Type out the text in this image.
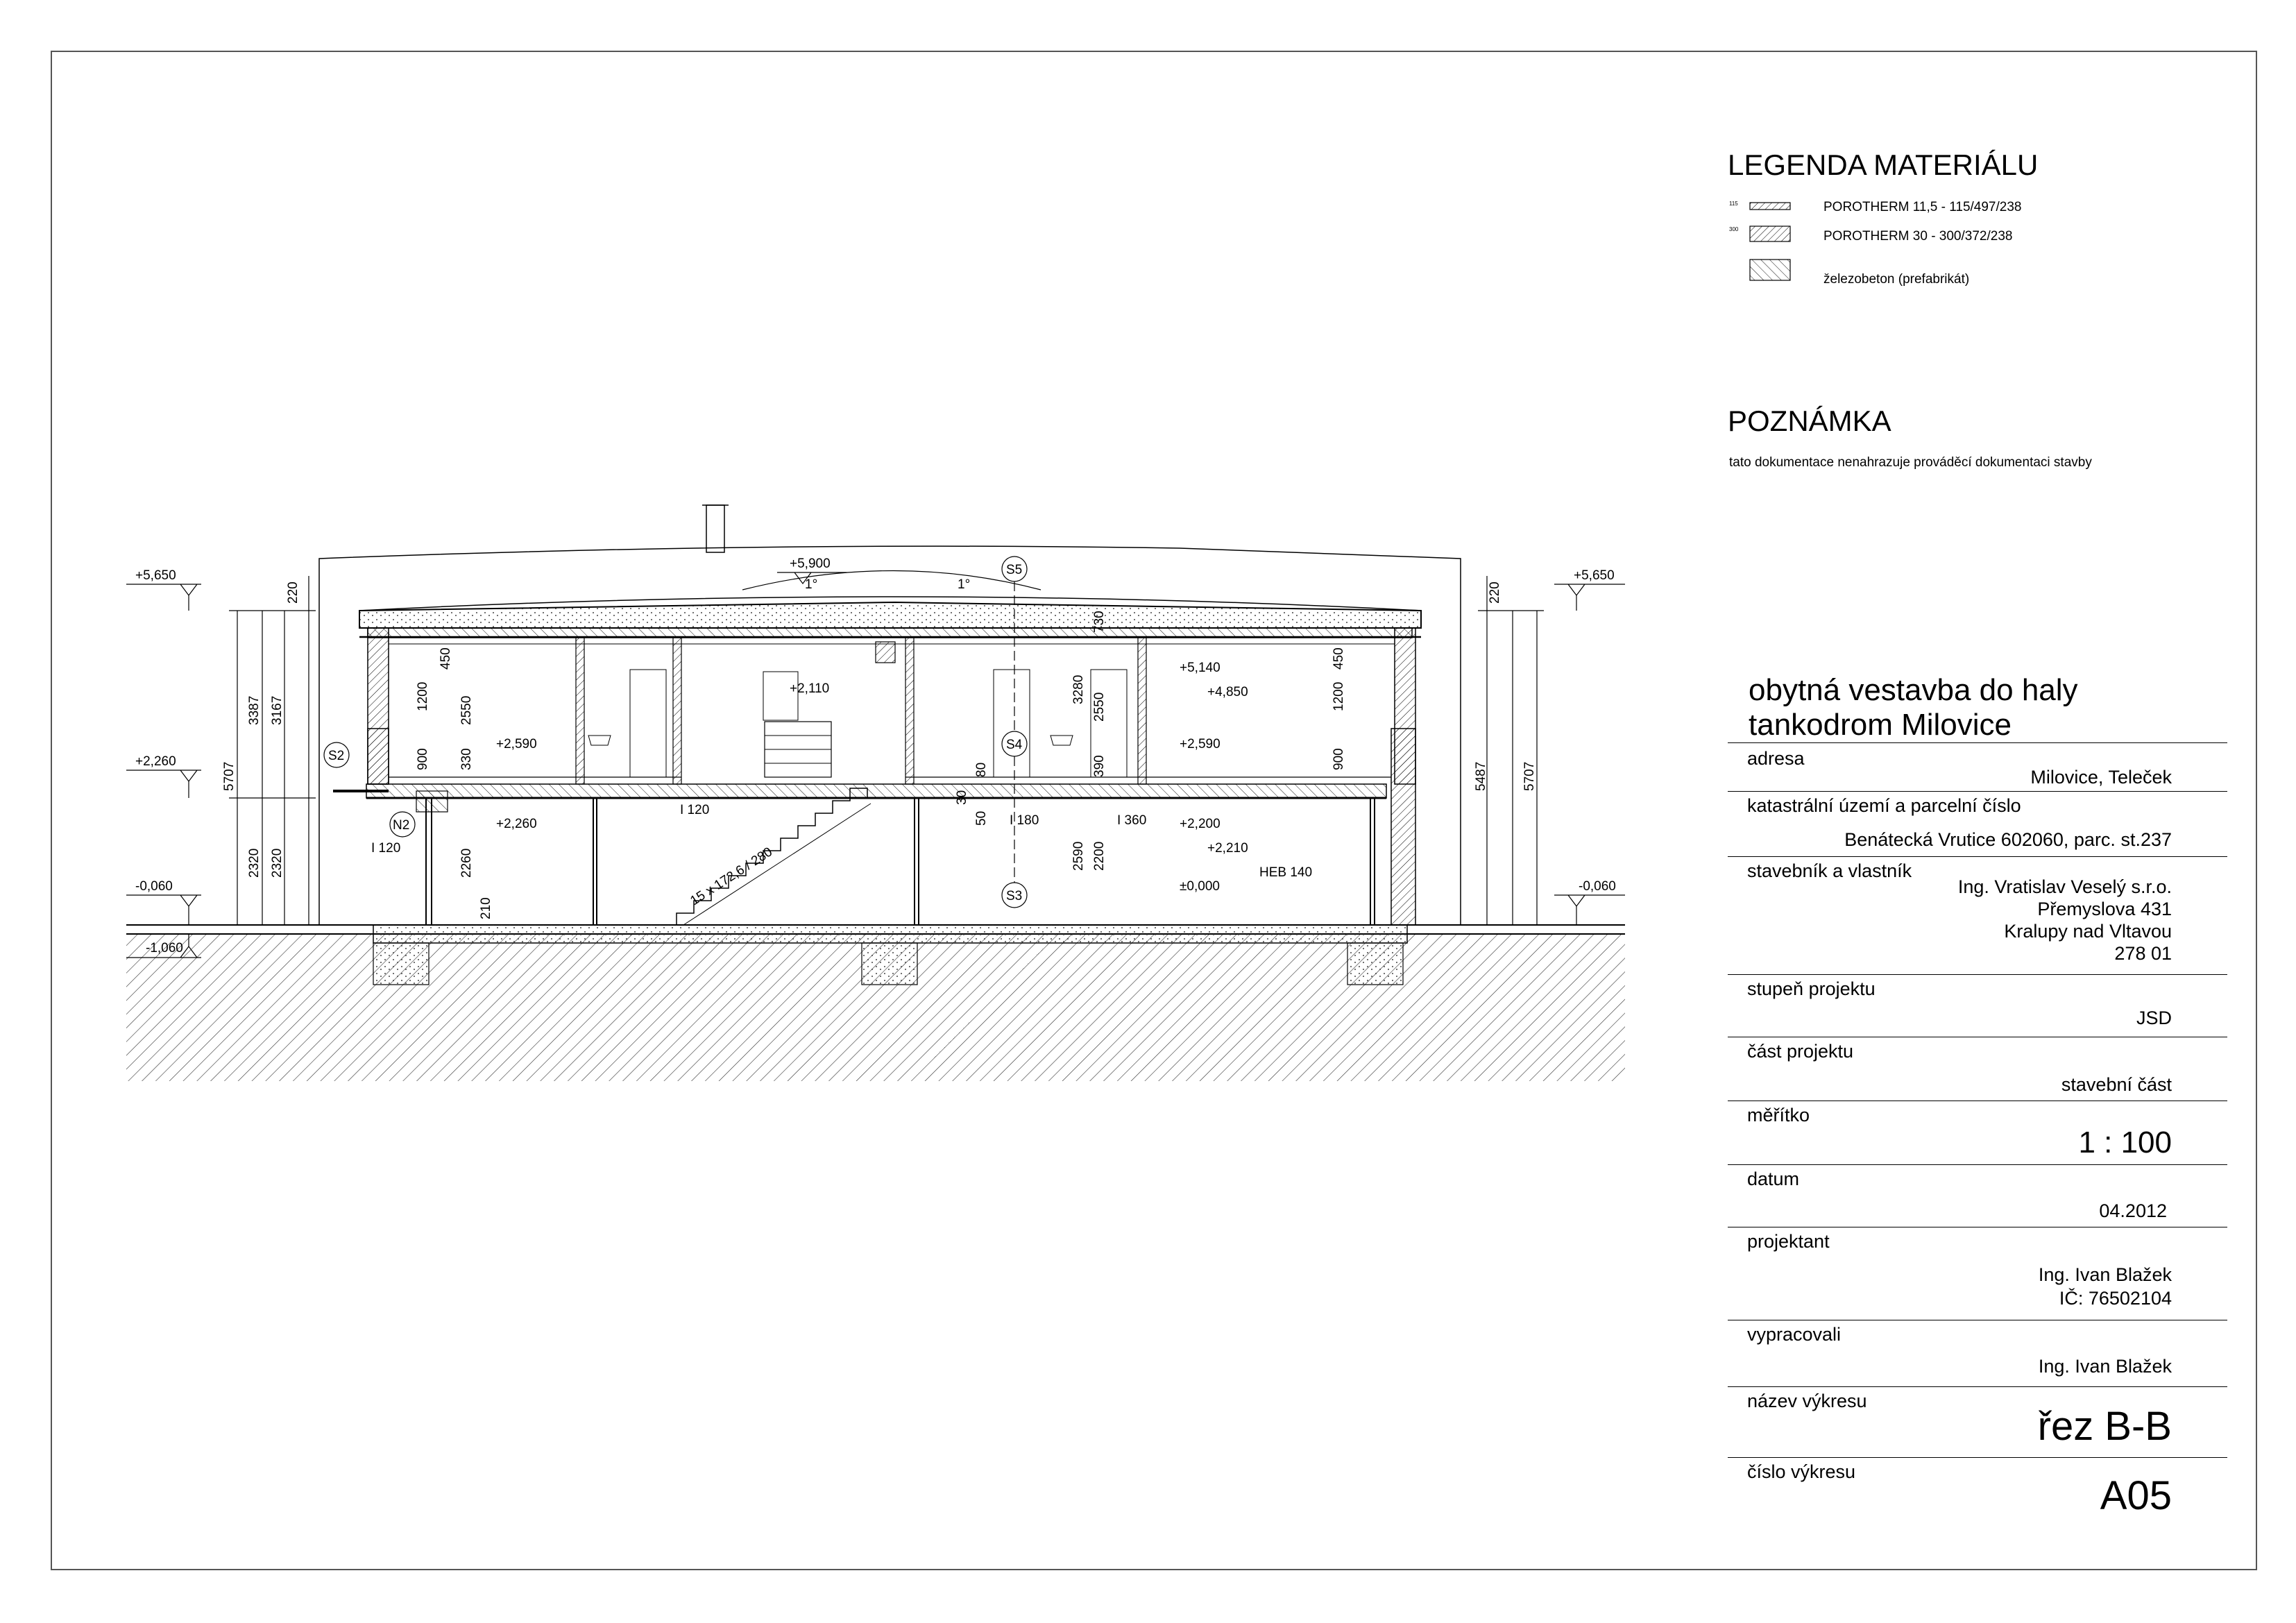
+5,650	+5,650
+5,900
+2,260
-0,060	-0,060
-1,060
+2,590	+2,590
+2,260
+2,110
+5,140
+4,850
+2,200
+2,210
±0,000
1°	1°
S5
S2
S4
S3
N2
I 120
I 120
I 180	I 360
HEB 140
15 x 172,6 / 280
220
3387 3167
5707
2320 2320
450
1200 2550
900 330
2260
210
730
3280
2550
390
2590 2200
80
50
30
450
1200
900
220
5487	5707
LEGENDA MATERIÁLU
115
300
POROTHERM 11,5 - 115/497/238
POROTHERM 30 - 300/372/238
železobeton (prefabrikát)
POZNÁMKA
tato dokumentace nenahrazuje prováděcí dokumentaci stavby
obytná vestavba do haly
tankodrom Milovice
adresa
Milovice, Teleček
katastrální území a parcelní číslo
Benátecká Vrutice 602060, parc. st.237
stavebník a vlastník
Ing. Vratislav Veselý s.r.o.
Přemyslova 431
Kralupy nad Vltavou
278 01
stupeň projektu
JSD
část projektu
stavební část
měřítko
1 : 100
datum
04.2012
projektant
Ing. Ivan Blažek
IČ: 76502104
vypracovali
Ing. Ivan Blažek
název výkresu
řez B-B
číslo výkresu
A05
